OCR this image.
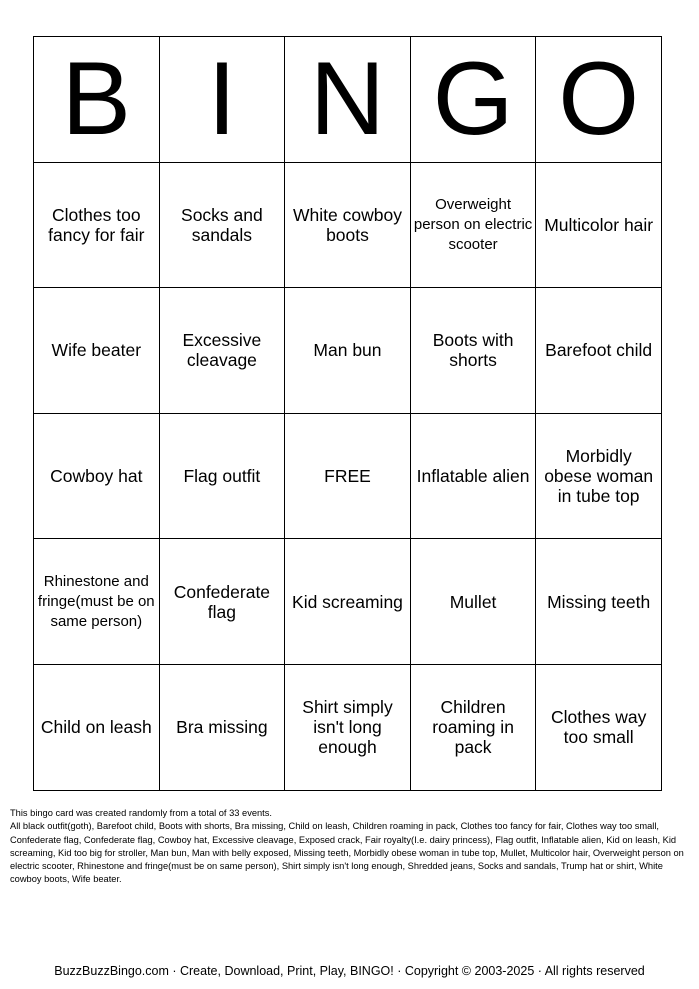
B	I	N	G	O
Clothes too fancy for fair	Socks and sandals	White cowboy boots	Overweight person on electric scooter	Multicolor hair
Wife beater	Excessive cleavage	Man bun	Boots with shorts	Barefoot child
Cowboy hat	Flag outfit	FREE	Inflatable alien	Morbidly obese woman in tube top
Rhinestone and fringe(must be on same person)	Confederate flag	Kid screaming	Mullet	Missing teeth
Child on leash	Bra missing	Shirt simply isn't long enough	Children roaming in pack	Clothes way too small

This bingo card was created randomly from a total of 33 events.

All black outfit(goth), Barefoot child, Boots with shorts, Bra missing, Child on leash, Children roaming in pack, Clothes too fancy for fair, Clothes way too small, Confederate flag, Confederate flag, Cowboy hat, Excessive cleavage, Exposed crack, Fair royalty(I.e. dairy princess), Flag outfit, Inflatable alien, Kid on leash, Kid screaming, Kid too big for stroller, Man bun, Man with belly exposed, Missing teeth, Morbidly obese woman in tube top, Mullet, Multicolor hair, Overweight person on electric scooter, Rhinestone and fringe(must be on same person), Shirt simply isn't long enough, Shredded jeans, Socks and sandals, Trump hat or shirt, White cowboy boots, Wife beater.

BuzzBuzzBingo.com · Create, Download, Print, Play, BINGO! · Copyright © 2003-2025 · All rights reserved
